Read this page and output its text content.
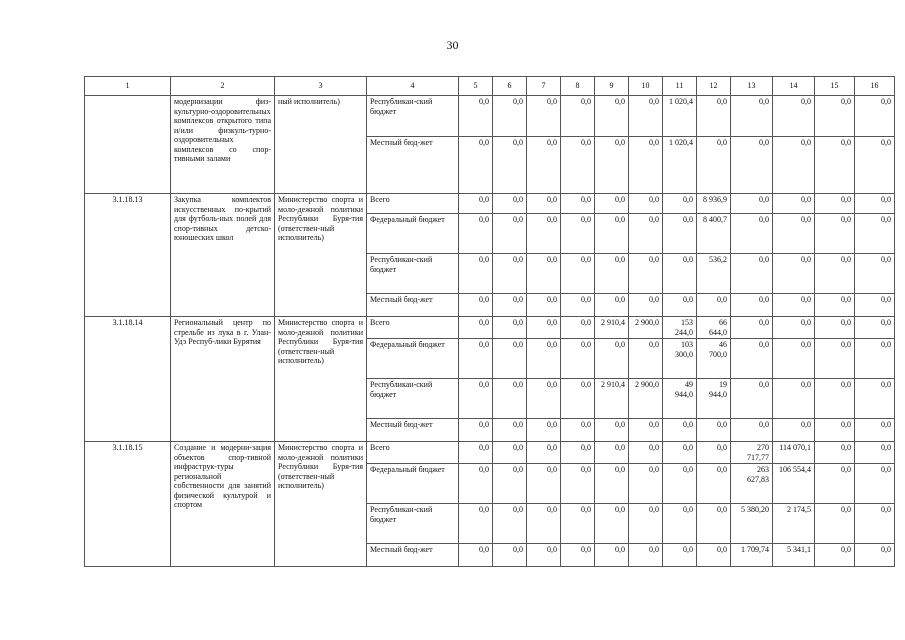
30
1	2	3	4	5	6	7	8	9	10	11	12	13	14	15	16
	модернизации физ-культурно-оздоровительных комплексов открытого типа и/или физкуль-турно-оздоровительных комплексов со спор-тивными залами	ный исполнитель)	Республикан-ский бюджет	0,0	0,0	0,0	0,0	0,0	0,0	1 020,4	0,0	0,0	0,0	0,0	0,0
			Местный бюд-жет	0,0	0,0	0,0	0,0	0,0	0,0	1 020,4	0,0	0,0	0,0	0,0	0,0
3.1.18.13	Закупка комплектов искусственных по-крытий для футболь-ных полей для спор-тивных детско-юношеских школ	Министерство спорта и моло-дежной политики Республики Буря-тия (ответствен-ный исполнитель)	Всего	0,0	0,0	0,0	0,0	0,0	0,0	0,0	8 936,9	0,0	0,0	0,0	0,0
			Федеральный бюджет	0,0	0,0	0,0	0,0	0,0	0,0	0,0	8 400,7	0,0	0,0	0,0	0,0
			Республикан-ский бюджет	0,0	0,0	0,0	0,0	0,0	0,0	0,0	536,2	0,0	0,0	0,0	0,0
			Местный бюд-жет	0,0	0,0	0,0	0,0	0,0	0,0	0,0	0,0	0,0	0,0	0,0	0,0
3.1.18.14	Региональный центр по стрельбе из лука в г. Улан-Удэ Респуб-лики Бурятия	Министерство спорта и моло-дежной политики Республики Буря-тия (ответствен-ный исполнитель)	Всего	0,0	0,0	0,0	0,0	2 910,4	2 900,0	153 244,0	66 644,0	0,0	0,0	0,0	0,0
			Федеральный бюджет	0,0	0,0	0,0	0,0	0,0	0,0	103 300,0	46 700,0	0,0	0,0	0,0	0,0
			Республикан-ский бюджет	0,0	0,0	0,0	0,0	2 910,4	2 900,0	49 944,0	19 944,0	0,0	0,0	0,0	0,0
			Местный бюд-жет	0,0	0,0	0,0	0,0	0,0	0,0	0,0	0,0	0,0	0,0	0,0	0,0
3.1.18.15	Создание и модерни-зация объектов спор-тивной инфраструк-туры региональной собственности для занятий физической культурой и спортом	Министерство спорта и моло-дежной политики Республики Буря-тия (ответствен-ный исполнитель)	Всего	0,0	0,0	0,0	0,0	0,0	0,0	0,0	0,0	270 717,77	114 070,1	0,0	0,0
			Федеральный бюджет	0,0	0,0	0,0	0,0	0,0	0,0	0,0	0,0	263 627,83	106 554,4	0,0	0,0
			Республикан-ский бюджет	0,0	0,0	0,0	0,0	0,0	0,0	0,0	0,0	5 380,20	2 174,5	0,0	0,0
			Местный бюд-жет	0,0	0,0	0,0	0,0	0,0	0,0	0,0	0,0	1 709,74	5 341,1	0,0	0,0
